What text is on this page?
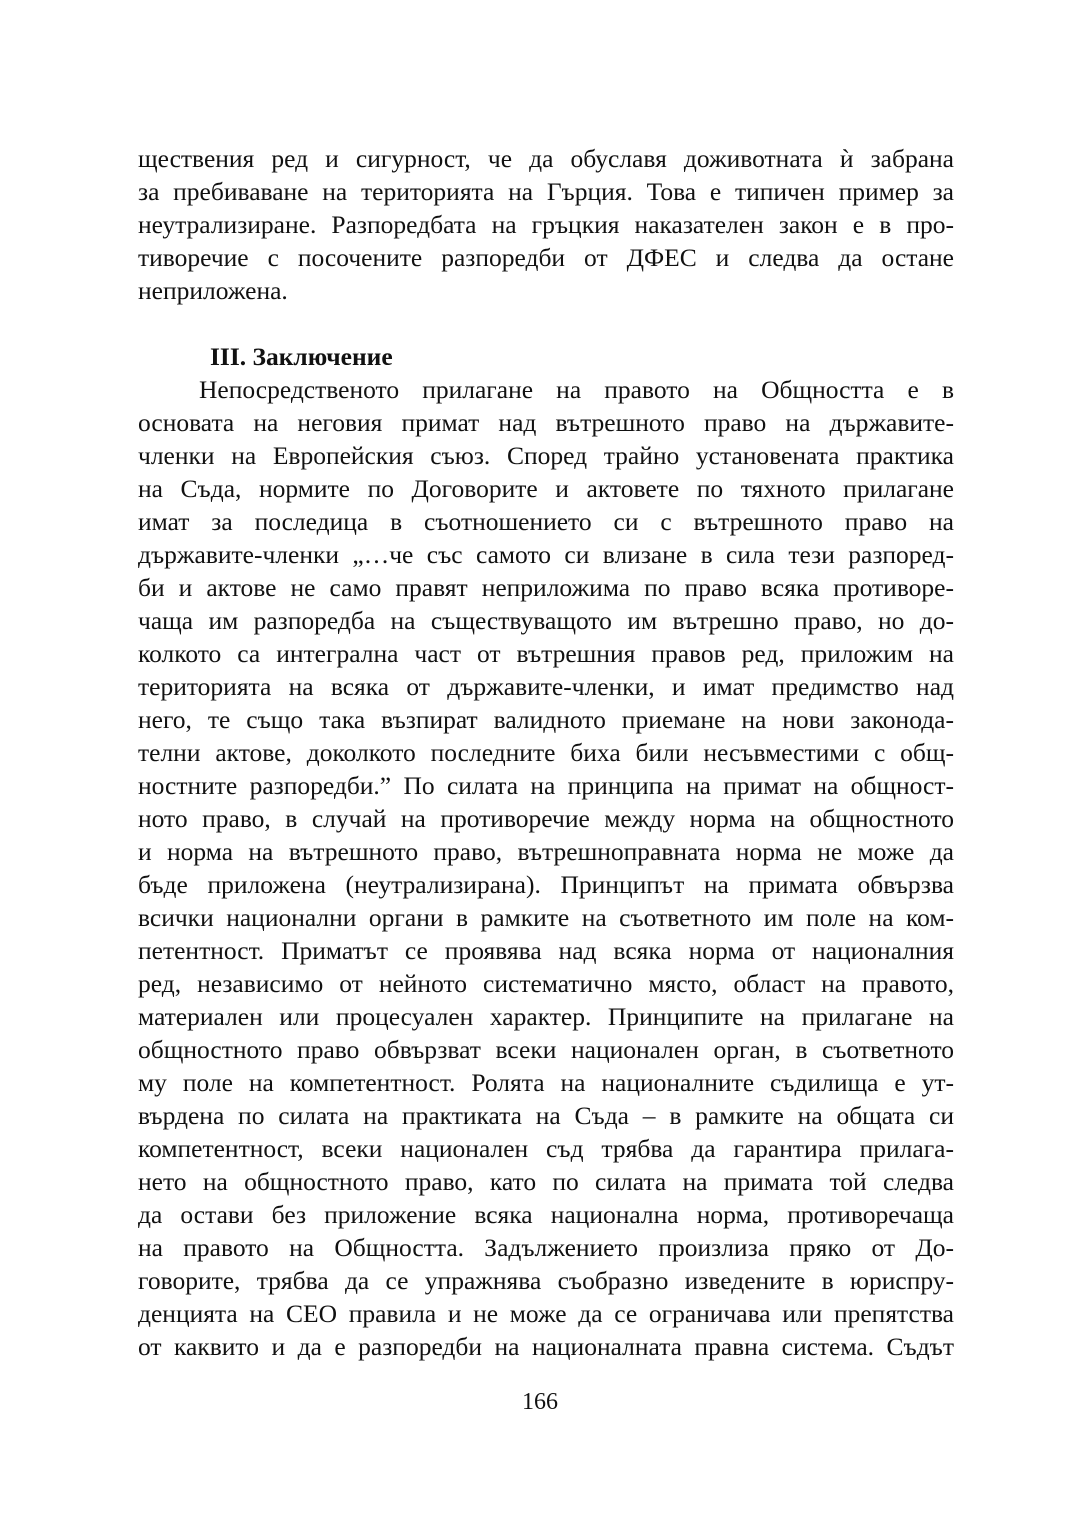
ществения ред и сигурност, че да обуславя доживотната ѝ забрана
за пребиваване на територията на Гърция. Това е типичен пример за
неутрализиране. Разпоредбата на гръцкия наказателен закон е в про-
тиворечие с посочените разпоредби от ДФЕС и следва да остане
неприложена.
III. Заключение
Непосредственото прилагане на правото на Общността е в
основата на неговия примат над вътрешното право на държавите-
членки на Европейския съюз. Според трайно установената практика
на Съда, нормите по Договорите и актовете по тяхното прилагане
имат за последица в съотношението си с вътрешното право на
държавите-членки „…че със самото си влизане в сила тези разпоред-
би и актове не само правят неприложима по право всяка противоре-
чаща им разпоредба на съществуващото им вътрешно право, но до-
колкото са интегрална част от вътрешния правов ред, приложим на
територията на всяка от държавите-членки, и имат предимство над
него, те също така възпират валидното приемане на нови законода-
телни актове, доколкото последните биха били несъвместими с общ-
ностните разпоредби.” По силата на принципа на примат на общност-
ното право, в случай на противоречие между норма на общностното
и норма на вътрешното право, вътрешноправната норма не може да
бъде приложена (неутрализирана). Принципът на примата обвързва
всички национални органи в рамките на съответното им поле на ком-
петентност. Приматът се проявява над всяка норма от националния
ред, независимо от нейното систематично място, област на правото,
материален или процесуален характер. Принципите на прилагане на
общностното право обвързват всеки национален орган, в съответното
му поле на компетентност. Ролята на националните съдилища е ут-
върдена по силата на практиката на Съда – в рамките на общата си
компетентност, всеки национален съд трябва да гарантира прилага-
нето на общностното право, като по силата на примата той следва
да остави без приложение всяка национална норма, противоречаща
на правото на Общността. Задължението произлиза пряко от До-
говорите, трябва да се упражнява съобразно изведените в юриспру-
денцията на СЕО правила и не може да се ограничава или препятства
от каквито и да е разпоредби на националната правна система. Съдът
166
